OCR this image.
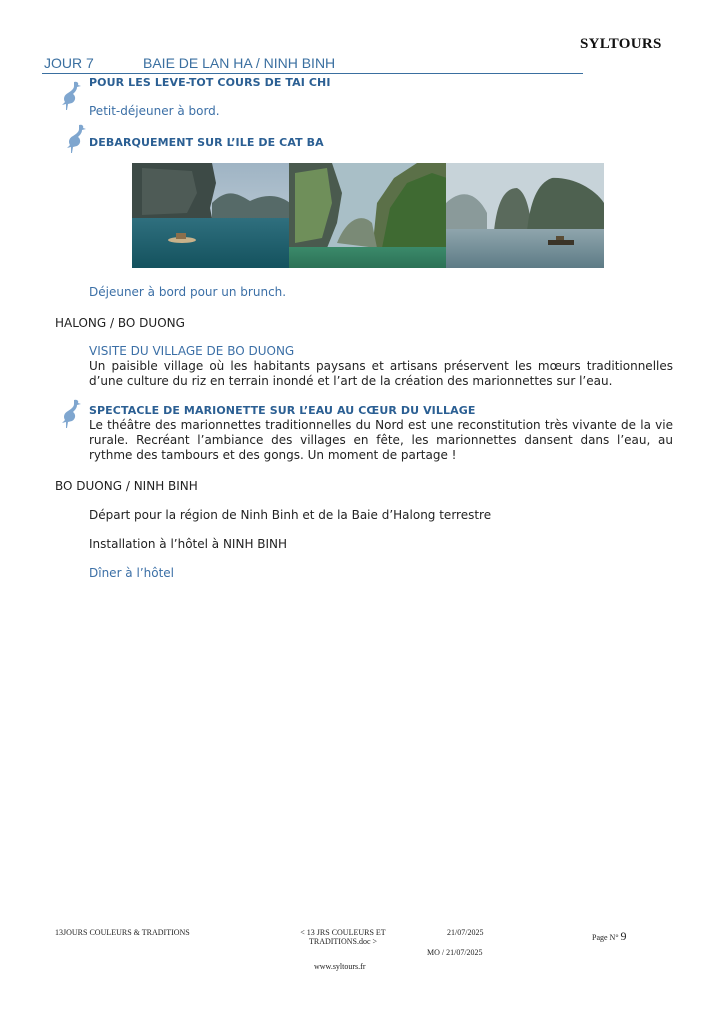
SYLTOURS
JOUR 7	BAIE DE LAN HA / NINH BINH
POUR LES LEVE-TOT COURS DE TAI CHI
Petit-déjeuner à bord.
DEBARQUEMENT SUR L’ILE DE CAT BA
Déjeuner à bord pour un brunch.
HALONG / BO DUONG
VISITE DU VILLAGE DE BO DUONG
Un paisible village où les habitants paysans et artisans préservent les mœurs traditionnelles d’une culture du riz en terrain inondé et l’art de la création des marionnettes sur l’eau.
SPECTACLE DE MARIONETTE SUR L’EAU AU CŒUR DU VILLAGE
Le théâtre des marionnettes traditionnelles du Nord est une reconstitution très vivante de la vie rurale. Recréant l’ambiance des villages en fête, les marionnettes dansent dans l’eau, au rythme des tambours et des gongs. Un moment de partage !
BO DUONG / NINH BINH
Départ pour la région de Ninh Binh et de la Baie d’Halong terrestre
Installation à l’hôtel à NINH BINH
Dîner à l’hôtel
13JOURS COULEURS & TRADITIONS	< 13 JRS COULEURS ET
TRADITIONS.doc >
21/07/2025
MO / 21/07/2025
Page N° 9
www.syltours.fr
